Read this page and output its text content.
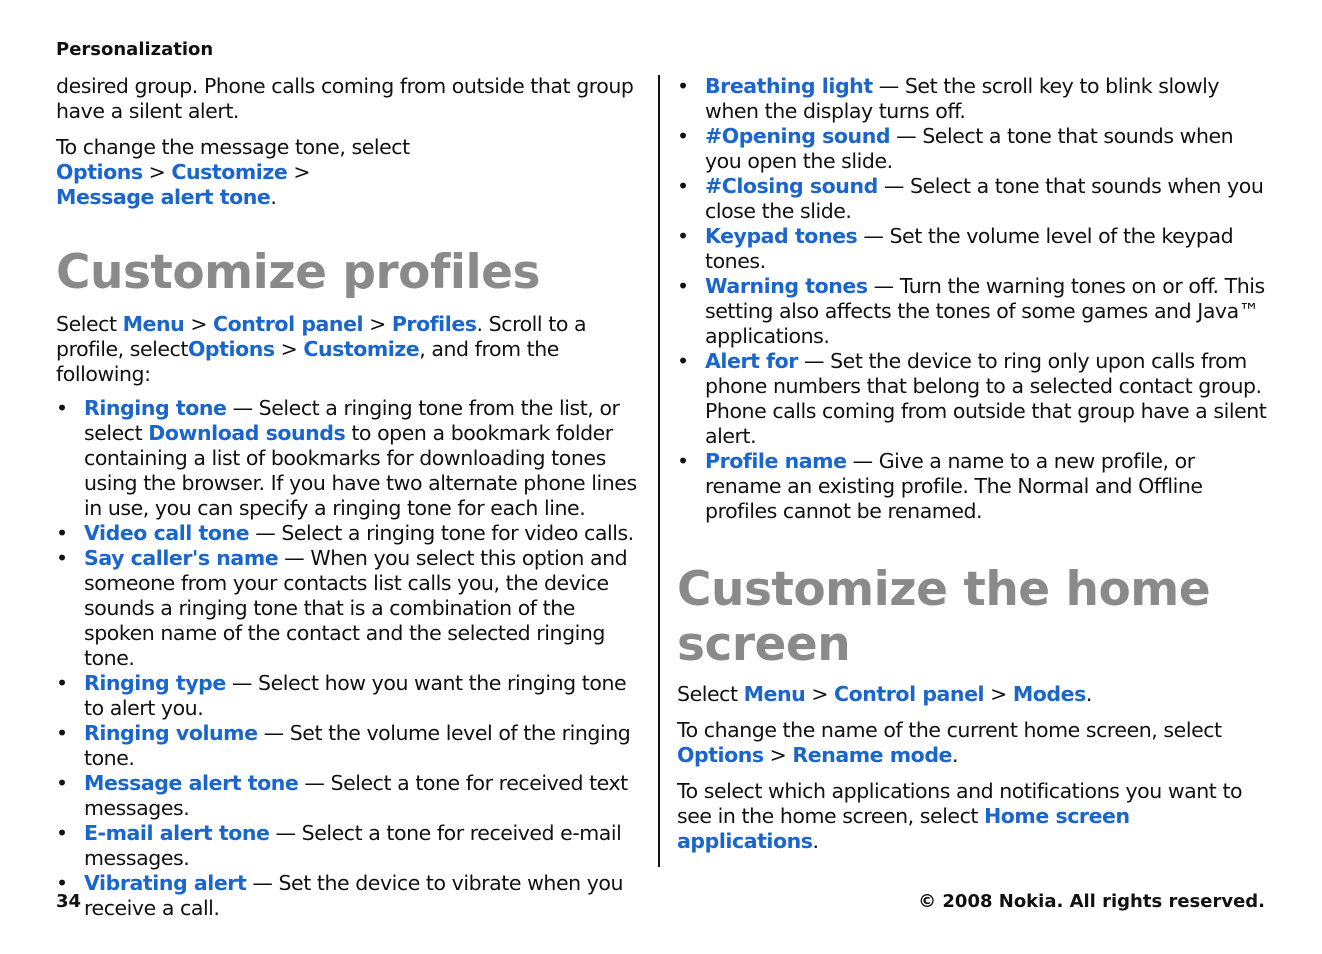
Personalization

desired group. Phone calls coming from outside that group have a silent alert.

To change the message tone, select Options > Customize >
Message alert tone.

Customize profiles

Select Menu > Control panel > Profiles. Scroll to a profile, selectOptions > Customize, and from the following:

• Ringing tone — Select a ringing tone from the list, or select Download sounds to open a bookmark folder containing a list of bookmarks for downloading tones using the browser. If you have two alternate phone lines in use, you can specify a ringing tone for each line.
• Video call tone — Select a ringing tone for video calls.
• Say caller's name — When you select this option and someone from your contacts list calls you, the device sounds a ringing tone that is a combination of the spoken name of the contact and the selected ringing tone.
• Ringing type — Select how you want the ringing tone to alert you.
• Ringing volume — Set the volume level of the ringing tone.
• Message alert tone — Select a tone for received text messages.
• E-mail alert tone — Select a tone for received e-mail messages.
• Vibrating alert — Set the device to vibrate when you receive a call.
• Breathing light — Set the scroll key to blink slowly when the display turns off.
• #Opening sound — Select a tone that sounds when you open the slide.
• #Closing sound — Select a tone that sounds when you close the slide.
• Keypad tones — Set the volume level of the keypad tones.
• Warning tones — Turn the warning tones on or off. This setting also affects the tones of some games and Java™ applications.
• Alert for — Set the device to ring only upon calls from phone numbers that belong to a selected contact group. Phone calls coming from outside that group have a silent alert.
• Profile name — Give a name to a new profile, or rename an existing profile. The Normal and Offline profiles cannot be renamed.
Customize the home screen

Select Menu > Control panel > Modes.

To change the name of the current home screen, select Options > Rename mode.

To select which applications and notifications you want to see in the home screen, select Home screen applications.

34	© 2008 Nokia. All rights reserved.
